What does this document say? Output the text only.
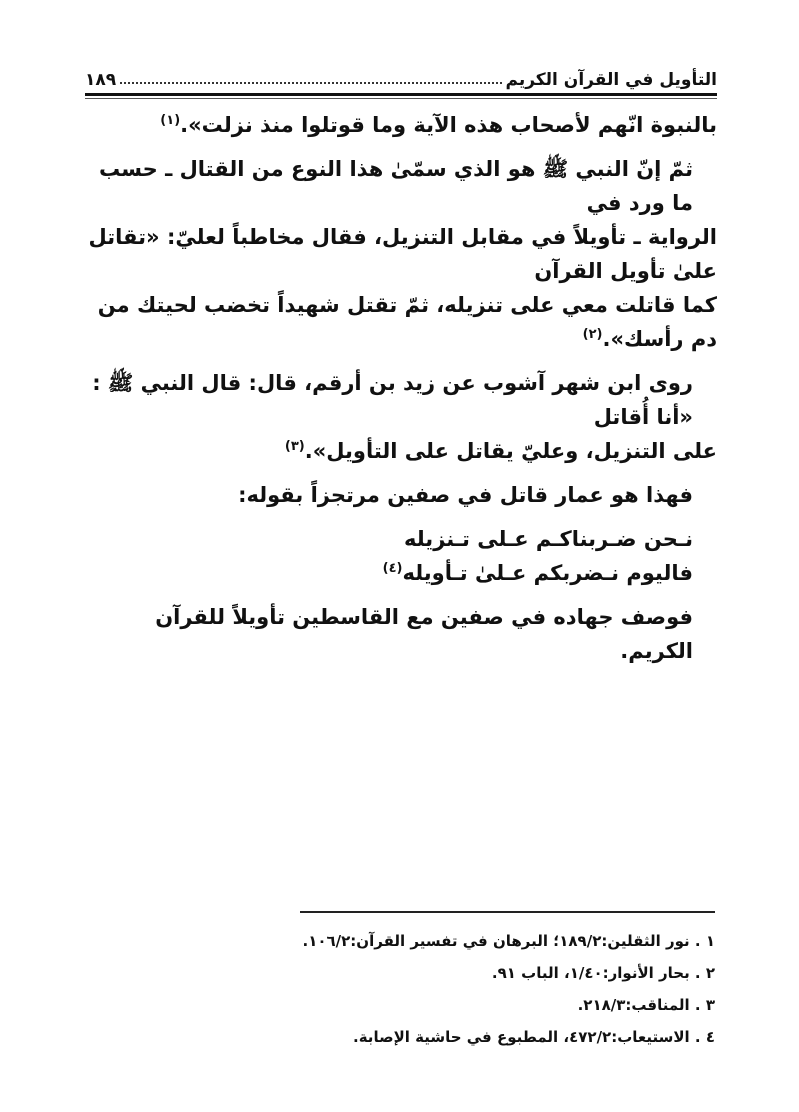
التأويل في القرآن الكريم
١٨٩
بالنبوة انّهم لأصحاب هذه الآية وما قوتلوا منذ نزلت».$^{(١)}$
ثمّ إنّ النبي ﷺ هو الذي سمّىٰ هذا النوع من القتال ـ حسب ما ورد في
الرواية ـ تأويلاً في مقابل التنزيل، فقال مخاطباً لعليّ: «تقاتل علىٰ تأويل القرآن
كما قاتلت معي على تنزيله، ثمّ تقتل شهيداً تخضب لحيتك من دم رأسك».$^{(٢)}$
روى ابن شهر آشوب عن زيد بن أرقم، قال: قال النبي ﷺ : «أنا أُقاتل
على التنزيل، وعليّ يقاتل على التأويل».$^{(٣)}$
فهذا هو عمار قاتل في صفين مرتجزاً بقوله:
نـحن ضـربناكـم عـلى تـنزيله
فاليوم نـضربكم عـلىٰ تـأويله$^{(٤)}$
فوصف جهاده في صفين مع القاسطين تأويلاً للقرآن الكريم.
١ . نور الثقلين:١٨٩/٢؛ البرهان في تفسير القرآن:١٠٦/٢.
٢ . بحار الأنوار:١/٤٠، الباب ٩١.
٣ . المناقب:٢١٨/٣.
٤ . الاستيعاب:٤٧٢/٢، المطبوع في حاشية الإصابة.
